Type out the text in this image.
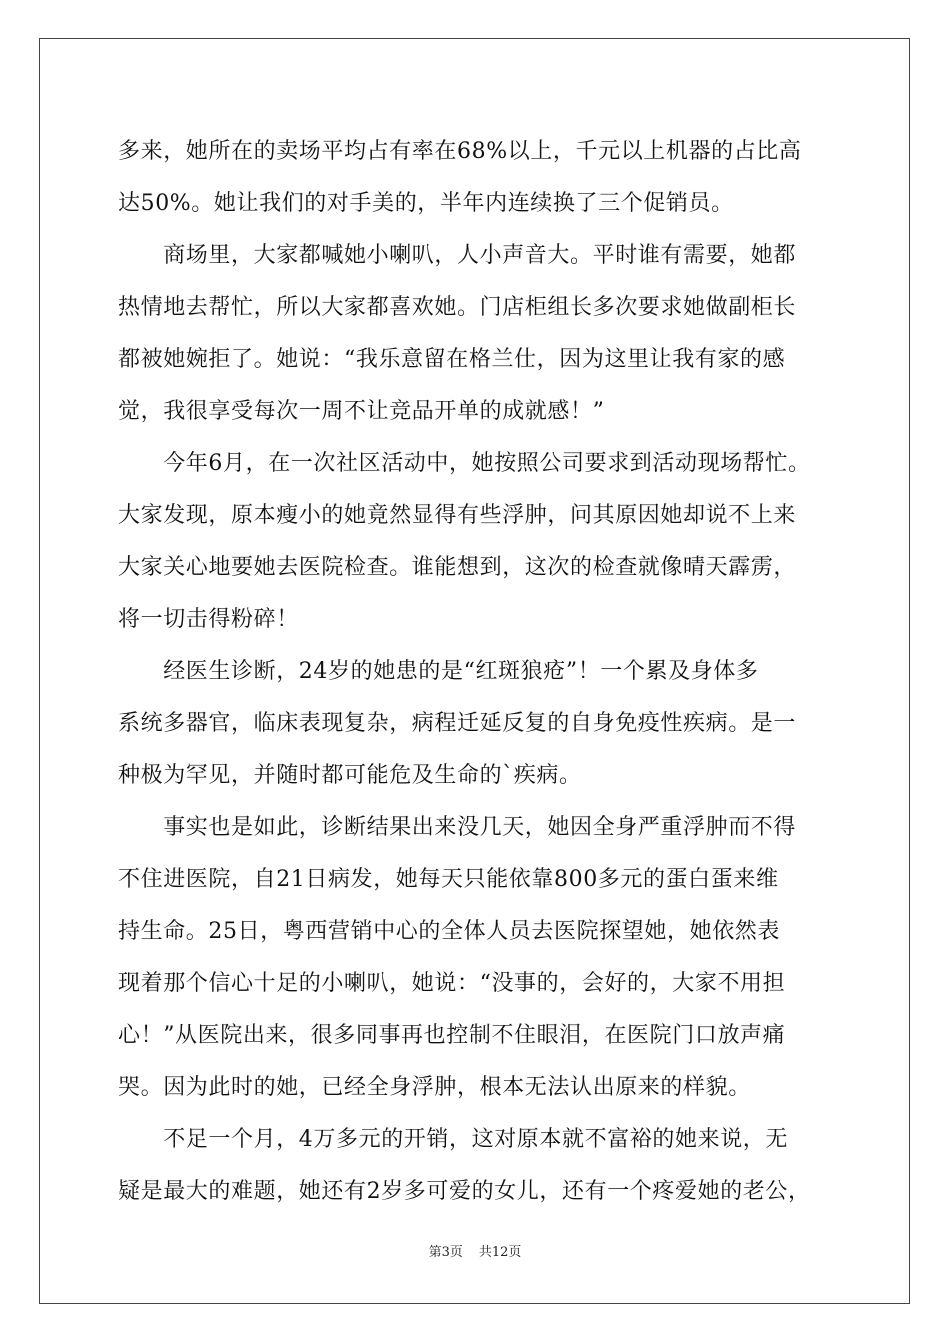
多来，她所在的卖场平均占有率在68%以上，千元以上机器的占比高
达50%。她让我们的对手美的，半年内连续换了三个促销员。
　　商场里，大家都喊她小喇叭，人小声音大。平时谁有需要，她都
热情地去帮忙，所以大家都喜欢她。门店柜组长多次要求她做副柜长
都被她婉拒了。她说：“我乐意留在格兰仕，因为这里让我有家的感
觉，我很享受每次一周不让竞品开单的成就感！”
　　今年6月，在一次社区活动中，她按照公司要求到活动现场帮忙。
大家发现，原本瘦小的她竟然显得有些浮肿，问其原因她却说不上来
大家关心地要她去医院检查。谁能想到，这次的检查就像晴天霹雳，
将一切击得粉碎！
　　经医生诊断，24岁的她患的是“红斑狼疮”！一个累及身体多
系统多器官，临床表现复杂，病程迁延反复的自身免疫性疾病。是一
种极为罕见，并随时都可能危及生命的`疾病。
　　事实也是如此，诊断结果出来没几天，她因全身严重浮肿而不得
不住进医院，自21日病发，她每天只能依靠800多元的蛋白蛋来维
持生命。25日，粤西营销中心的全体人员去医院探望她，她依然表
现着那个信心十足的小喇叭，她说：“没事的，会好的，大家不用担
心！”从医院出来，很多同事再也控制不住眼泪，在医院门口放声痛
哭。因为此时的她，已经全身浮肿，根本无法认出原来的样貌。
　　不足一个月，4万多元的开销，这对原本就不富裕的她来说，无
疑是最大的难题，她还有2岁多可爱的女儿，还有一个疼爱她的老公，
第3页 共12页
